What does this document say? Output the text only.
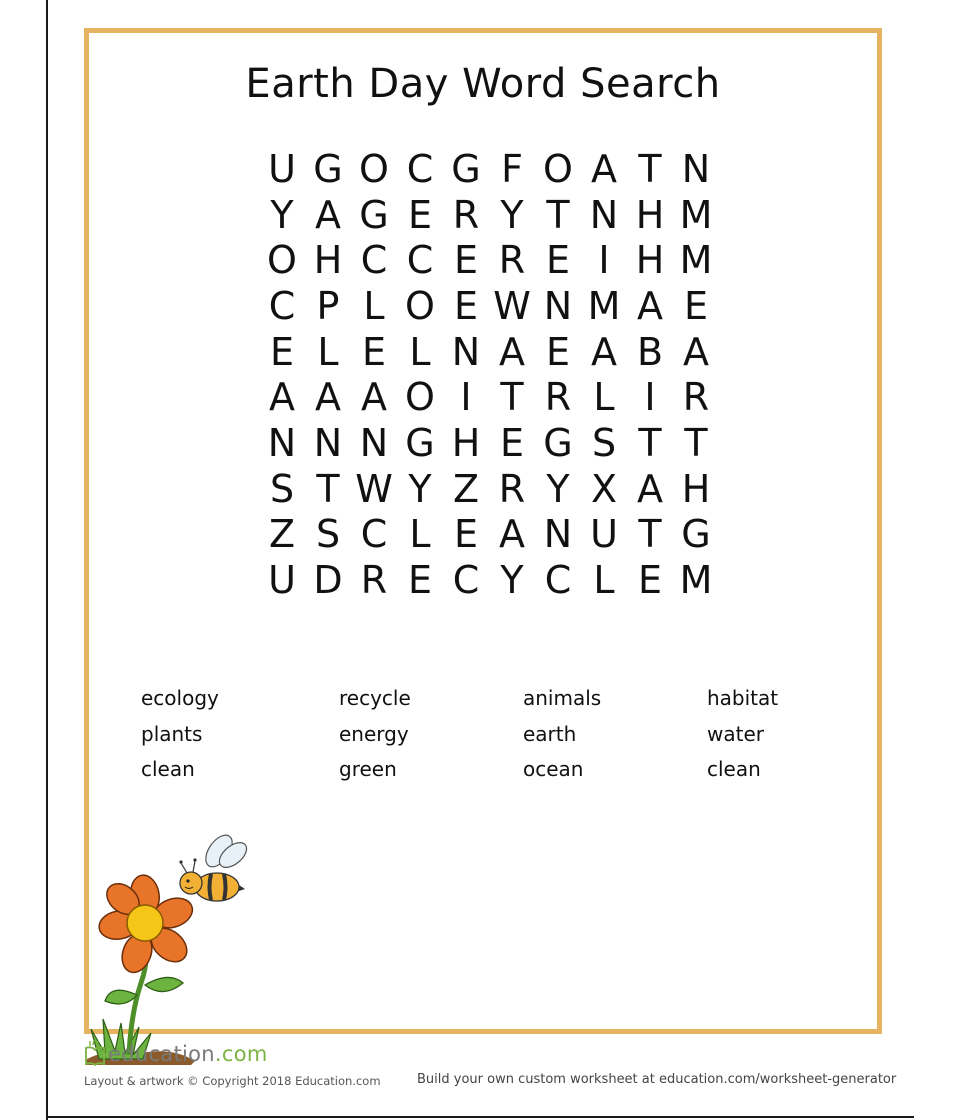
Earth Day Word Search
U G O C G F O A T N
Y A G E R Y T N H M
O H C C E R E I H M
C P L O E W N M A E
E L E L N A E A B A
A A A O I T R L I R
N N N G H E G S T T
S T W Y Z R Y X A H
Z S C L E A N U T G
U D R E C Y C L E M
ecology	recycle	animals	habitat
plants	energy	earth	water
clean	green	ocean	clean
education.com
Layout & artwork © Copyright 2018 Education.com	Build your own custom worksheet at education.com/worksheet-generator
